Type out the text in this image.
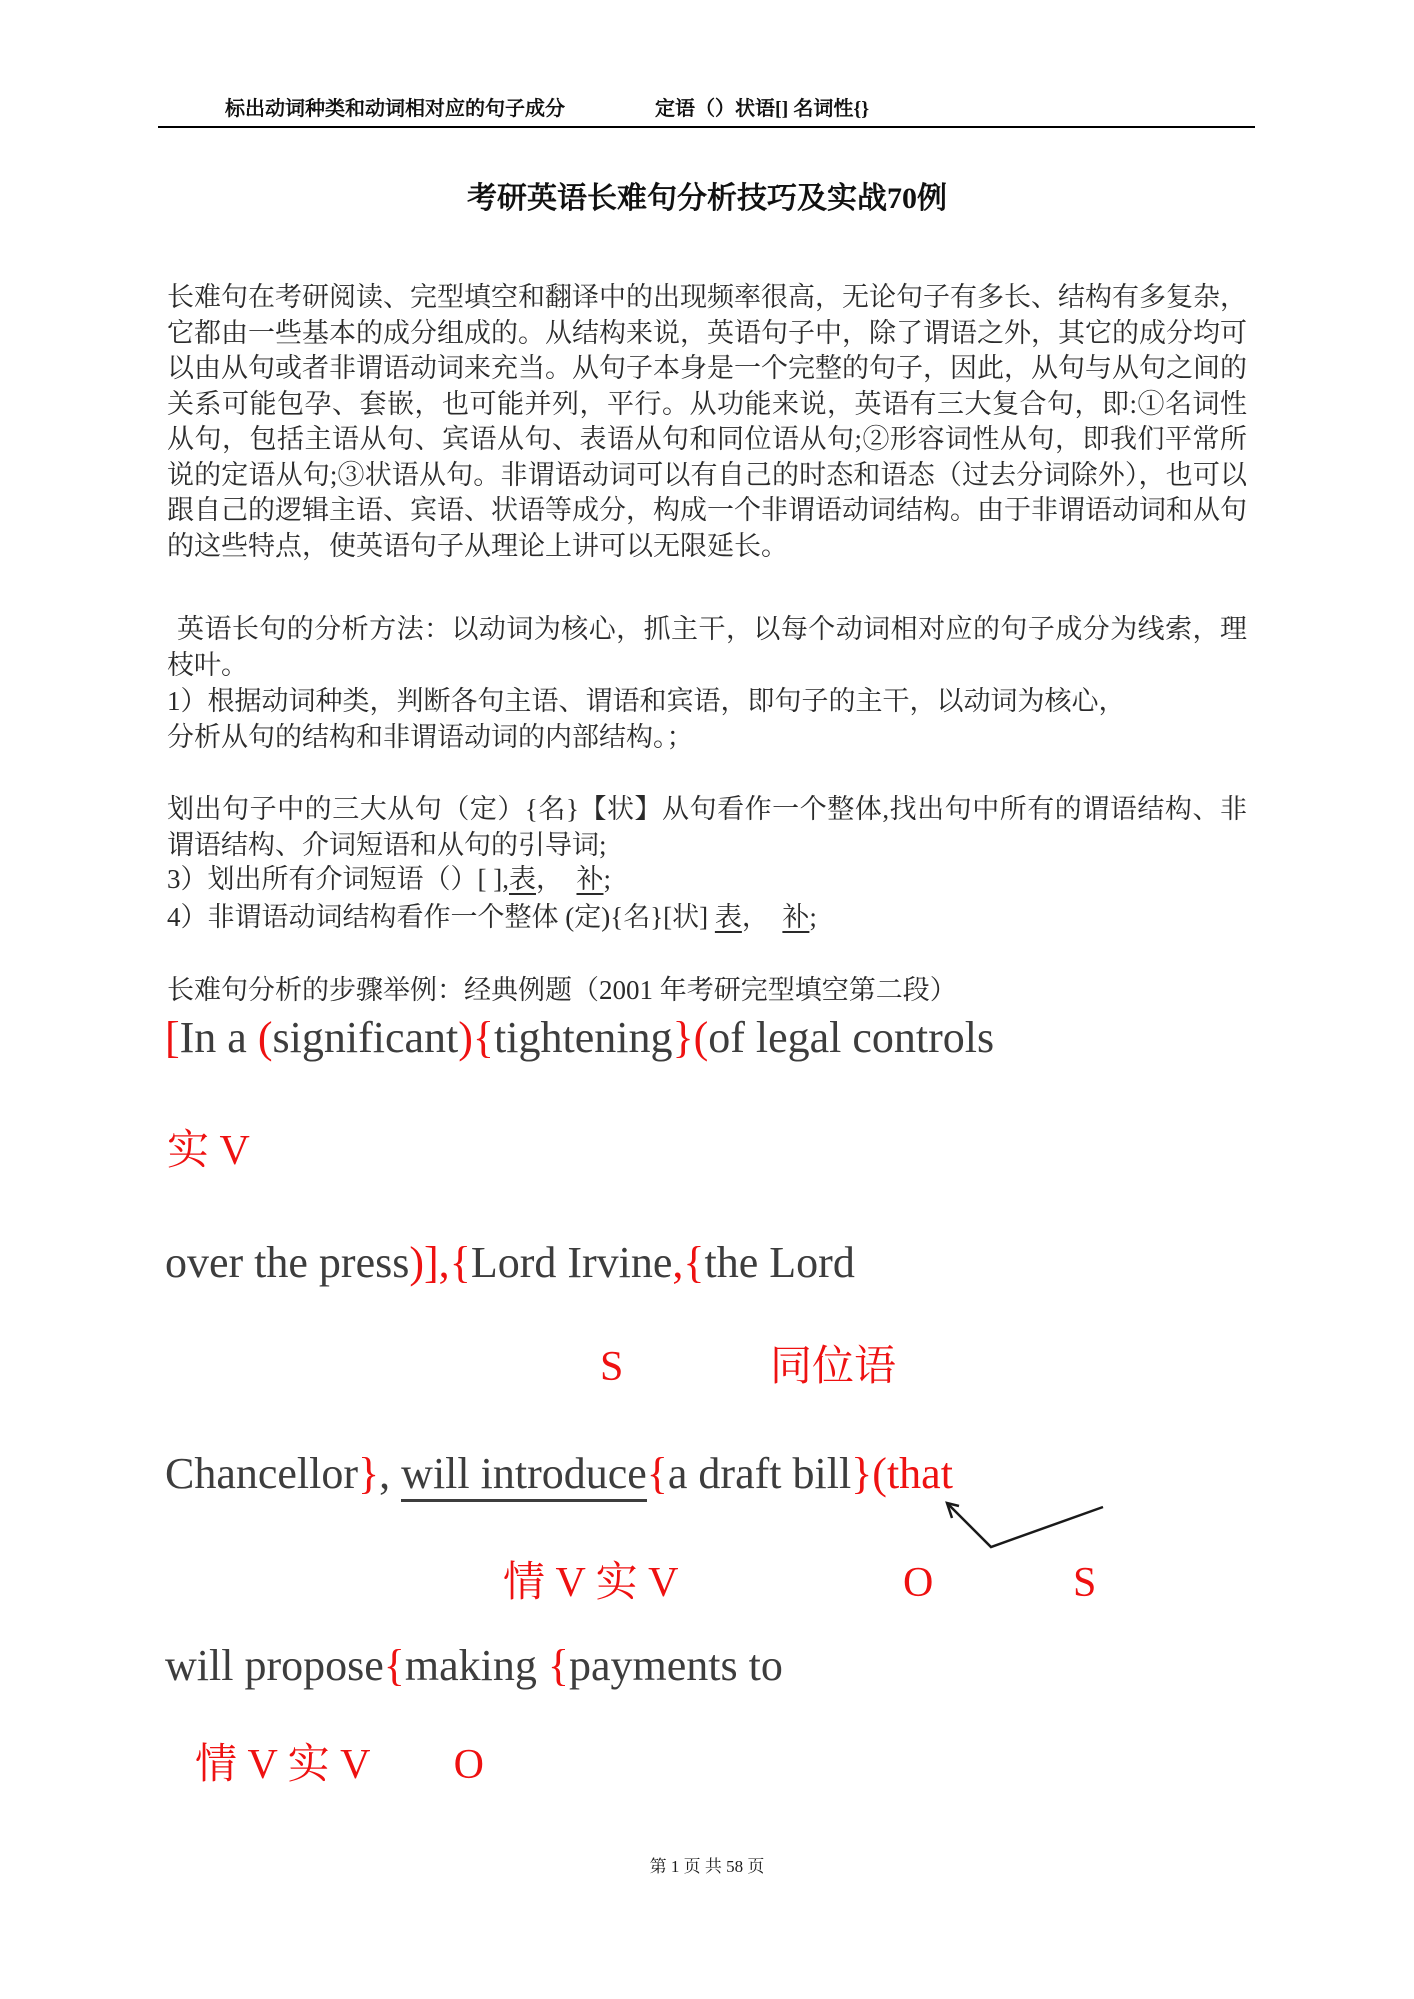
标出动词种类和动词相对应的句子成分	定语（）状语[] 名词性{}
考研英语长难句分析技巧及实战70例
长难句在考研阅读、完型填空和翻译中的出现频率很高，无论句子有多长、结构有多复杂，它都由一些基本的成分组成的。从结构来说，英语句子中，除了谓语之外，其它的成分均可以由从句或者非谓语动词来充当。从句子本身是一个完整的句子，因此，从句与从句之间的关系可能包孕、套嵌，也可能并列，平行。从功能来说，英语有三大复合句，即:①名词性从句，包括主语从句、宾语从句、表语从句和同位语从句;②形容词性从句，即我们平常所说的定语从句;③状语从句。非谓语动词可以有自己的时态和语态（过去分词除外），也可以跟自己的逻辑主语、宾语、状语等成分，构成一个非谓语动词结构。由于非谓语动词和从句的这些特点，使英语句子从理论上讲可以无限延长。
英语长句的分析方法：以动词为核心，抓主干，以每个动词相对应的句子成分为线索，理枝叶。
1）根据动词种类，判断各句主语、谓语和宾语，即句子的主干，以动词为核心，
分析从句的结构和非谓语动词的内部结构。；
划出句子中的三大从句（定）{名}【状】从句看作一个整体,找出句中所有的谓语结构、非谓语结构、介词短语和从句的引导词;
3）划出所有介词短语（）[ ],表，　补;
4）非谓语动词结构看作一个整体 (定){名}[状] 表，　补;
长难句分析的步骤举例：经典例题（2001 年考研完型填空第二段）
[In a (significant){tightening}(of legal controls
实 V
over the press)],{Lord Irvine,{the Lord
S	同位语
Chancellor}, will introduce{a draft bill}(that
情 V 实 V	O	S
will propose{making {payments to
情 V 实 V　　O
第 1 页 共 58 页
